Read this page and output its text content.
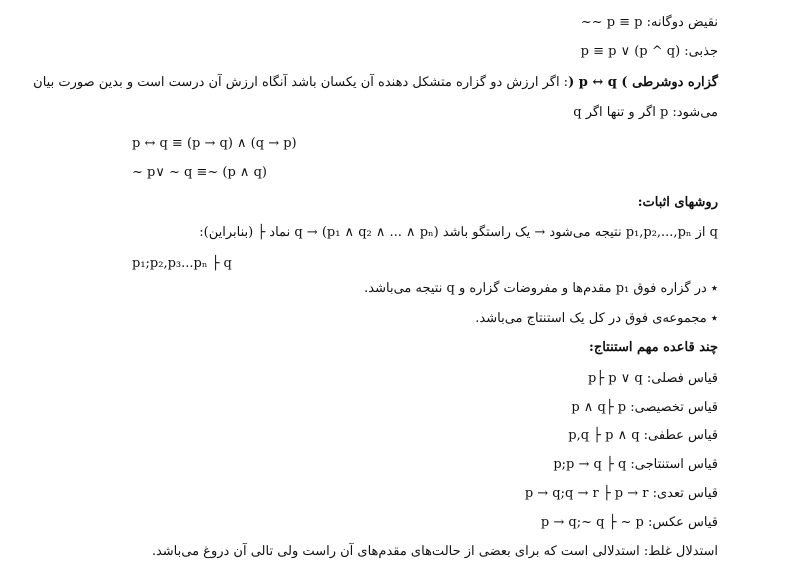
نقیض دوگانه: p ≡ p ~~
جذبی: p ≡ p ∨ (p ^ q)
گزاره دوشرطی ) p ↔ q (: اگر ارزش دو گزاره متشکل دهنده آن یکسان باشد آنگاه ارزش آن درست است و بدین صورت بیان
می‌شود: p اگر و تنها اگر q
p ↔ q ≡ (p → q) ∧ (q → p)
~ p∨ ~ q ≡~ (p ∧ q)
روشهای اثبات:
q از p₁,p₂,...,pₙ نتیجه می‌شود → یک راستگو باشد (p₁ ∧ q₂ ∧ ... ∧ pₙ) → q نماد ├ (بنابراین):
p₁;p₂,p₃...pₙ ├ q
٭ در گزاره فوق p₁ مقدم‌ها و مفروضات گزاره و q نتیجه می‌باشد.
٭ مجموعه‌ی فوق در کل یک استنتاج می‌باشد.
چند قاعده مهم استنتاج:
قیاس فصلی: p├ p ∨ q
قیاس تخصیصی: p ∧ q├ p
قیاس عطفی: p,q ├ p ∧ q
قیاس استنتاجی: p;p → q ├ q
قیاس تعدی: p → q;q → r ├ p → r
قیاس عکس: p → q;~ q ├ ~ p
استدلال غلط: استدلالی است که برای بعضی از حالت‌های مقدم‌های آن راست ولی تالی آن دروغ می‌باشد.
